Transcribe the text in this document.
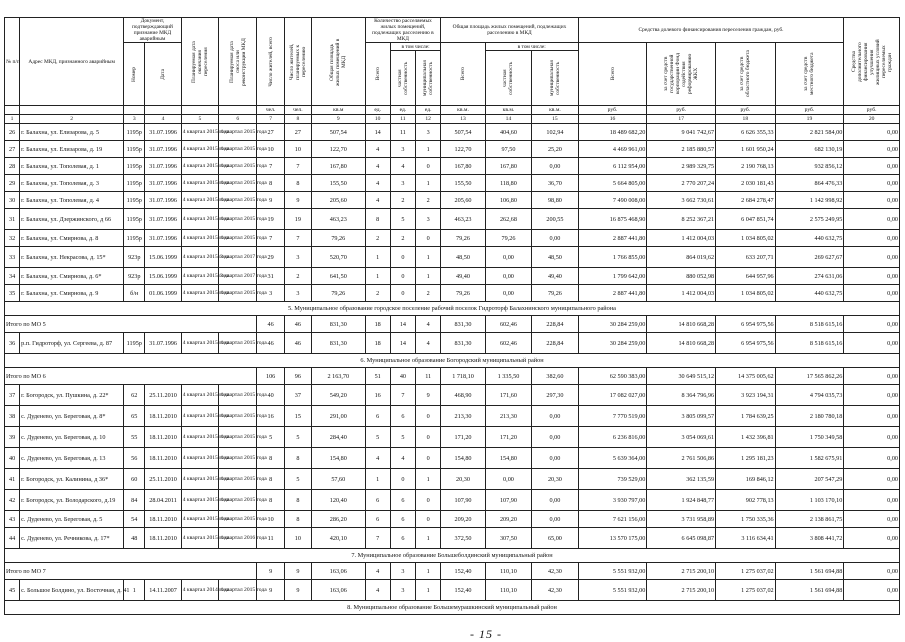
№ п/п	Адрес МКД, признанного аварийным	Документ, подтверждающий признание МКД аварийным		Планируемая дата окончания переселения	Планируемая дата сноса или реконструкции МКД	Число жителей, всего	Число жителей, планируемых к переселению	Общая площадь жилых помещений в МКД	Количество расселяемых жилых помещений, подлежащих расселению в МКД			Общая площадь жилых помещений, подлежащих расселению в МКД			Средства долевого финансирования переселения граждан, руб.				Средства дополнительного финансирования улучшения жилищных условий переселяемых граждан

		Номер	Дата						Всего	в том числе:		Всего	в том числе:		Всего	за счет средств государственной корпорации Фонд содействия реформированию ЖКХ	за счет средств областного бюджета	за счет средств местного бюджета	

										частная собственность	муниципальная собственность		частная собственность	муниципальная собственность					

						чел.	чел.	кв.м	ед.	ед.	ед.	кв.м.	кв.м.	кв.м.	руб.	руб.	руб.	руб.	руб.
1	2	3	4	5	6	7	8	9	10	11	12	13	14	15	16	17	18	19	20
26	г. Балахна, ул. Елизарова, д. 5	1195р	31.07.1996	4 квартал 2015 года	4 квартал 2015 года	27	27	507,54	14	11	3	507,54	404,60	102,94	18 489 682,20	9 041 742,67	6 626 355,33	2 821 584,00	0,00
27	г. Балахна, ул. Елизарова, д. 19	1195р	31.07.1996	4 квартал 2015 года	4 квартал 2015 года	10	10	122,70	4	3	1	122,70	97,50	25,20	4 469 961,00	2 185 880,57	1 601 950,24	682 130,19	0,00
28	г. Балахна, ул. Тополевая, д. 1	1195р	31.07.1996	4 квартал 2015 года	4 квартал 2015 года	7	7	167,80	4	4	0	167,80	167,80	0,00	6 112 954,00	2 989 329,75	2 190 768,13	932 856,12	0,00
29	г. Балахна, ул. Тополевая, д. 3	1195р	31.07.1996	4 квартал 2015 года	4 квартал 2015 года	8	8	155,50	4	3	1	155,50	118,80	36,70	5 664 805,00	2 770 207,24	2 030 181,43	864 476,33	0,00
30	г. Балахна, ул. Тополевая, д. 4	1195р	31.07.1996	4 квартал 2015 года	4 квартал 2015 года	9	9	205,60	4	2	2	205,60	106,80	98,80	7 490 008,00	3 662 730,61	2 684 278,47	1 142 998,92	0,00
31	г. Балахна, ул. Дзержинского, д 66	1195р	31.07.1996	4 квартал 2015 года	4 квартал 2015 года	19	19	463,23	8	5	3	463,23	262,68	200,55	16 875 468,90	8 252 367,21	6 047 851,74	2 575 249,95	0,00
32	г. Балахна, ул. Смирнова, д. 8	1195р	31.07.1996	4 квартал 2015 года	4 квартал 2015 года	7	7	79,26	2	2	0	79,26	79,26	0,00	2 887 441,80	1 412 004,03	1 034 805,02	440 632,75	0,00
33	г. Балахна, ул. Некрасова, д. 15*	923р	15.06.1999	4 квартал 2015 года	3 квартал 2017 года	29	3	520,70	1	0	1	48,50	0,00	48,50	1 766 855,00	864 019,62	633 207,71	269 627,67	0,00
34	г. Балахна, ул. Смирнова, д. 6*	923р	15.06.1999	4 квартал 2015 года	3 квартал 2017 года	31	2	641,50	1	0	1	49,40	0,00	49,40	1 799 642,00	880 052,98	644 957,96	274 631,06	0,00
35	г. Балахна, ул. Смирнова, д. 9	б/н	01.06.1999	4 квартал 2015 года	4 квартал 2015 года	3	3	79,26	2	0	2	79,26	0,00	79,26	2 887 441,80	1 412 004,03	1 034 805,02	440 632,75	0,00
5. Муниципальное образование городское поселение рабочий поселок Гидроторф Балахнинского муниципального района																			
Итого по МО 5						46	46	831,30	18	14	4	831,30	602,46	228,84	30 284 259,00	14 810 668,28	6 954 975,56	8 518 615,16	0,00
36	р.п. Гидроторф, ул. Сергеева, д. 87	1195р	31.07.1996	4 квартал 2015 года	4 квартал 2015 года	46	46	831,30	18	14	4	831,30	602,46	228,84	30 284 259,00	14 810 668,28	6 954 975,56	8 518 615,16	0,00
6. Муниципальное образование Богородский муниципальный район																			
Итого по МО 6						106	96	2 163,70	51	40	11	1 718,10	1 335,50	382,60	62 590 383,00	30 649 515,12	14 375 005,62	17 565 862,26	0,00
37	г. Богородск, ул. Пушкина, д. 22*	62	25.11.2010	4 квартал 2015 года	4 квартал 2015 года	40	37	549,20	16	7	9	468,90	171,60	297,30	17 082 027,00	8 364 796,96	3 923 194,31	4 794 035,73	0,00
38	с. Дуденево, ул. Береговая, д. 8*	65	18.11.2010	4 квартал 2015 года	4 квартал 2015 года	16	15	291,00	6	6	0	213,30	213,30	0,00	7 770 519,00	3 805 099,57	1 784 639,25	2 180 780,18	0,00
39	с. Дуденево, ул. Береговая, д. 10	55	18.11.2010	4 квартал 2015 года	4 квартал 2015 года	5	5	284,40	5	5	0	171,20	171,20	0,00	6 236 816,00	3 054 069,61	1 432 396,81	1 750 349,58	0,00
40	с. Дуденево, ул. Береговая, д. 13	56	18.11.2010	4 квартал 2015 года	4 квартал 2015 года	8	8	154,80	4	4	0	154,80	154,80	0,00	5 639 364,00	2 761 506,86	1 295 181,23	1 582 675,91	0,00
41	г. Богородск, ул. Калинина, д 36*	60	25.11.2010	4 квартал 2015 года	4 квартал 2015 года	8	5	57,60	1	0	1	20,30	0,00	20,30	739 529,00	362 135,59	169 846,12	207 547,29	0,00
42	г. Богородск, ул. Володарского, д.19	84	28.04.2011	4 квартал 2015 года	4 квартал 2015 года	8	8	120,40	6	6	0	107,90	107,90	0,00	3 930 797,00	1 924 848,77	902 778,13	1 103 170,10	0,00
43	с. Дуденево, ул. Береговая, д. 5	54	18.11.2010	4 квартал 2015 года	4 квартал 2015 года	10	8	286,20	6	6	0	209,20	209,20	0,00	7 621 156,00	3 731 958,89	1 750 335,36	2 138 861,75	0,00
44	с. Дуденево, ул. Речникова, д. 17*	48	18.11.2010	4 квартал 2015 года	4 квартал 2016 года	11	10	420,10	7	6	1	372,50	307,50	65,00	13 570 175,00	6 645 098,87	3 116 634,41	3 808 441,72	0,00
7. Муниципальное образование Большеболдинский муниципальный район																			
Итого по МО 7						9	9	163,06	4	3	1	152,40	110,10	42,30	5 551 932,00	2 715 200,10	1 275 037,02	1 561 694,88	0,00
45	с. Большое Болдино, ул. Восточная, д. 41	1	14.11.2007	4 квартал 2014 года	4 квартал 2015 года	9	9	163,06	4	3	1	152,40	110,10	42,30	5 551 932,00	2 715 200,10	1 275 037,02	1 561 694,88	0,00
8. Муниципальное образование Большемурашкинский муниципальный район																			
- 15 -
